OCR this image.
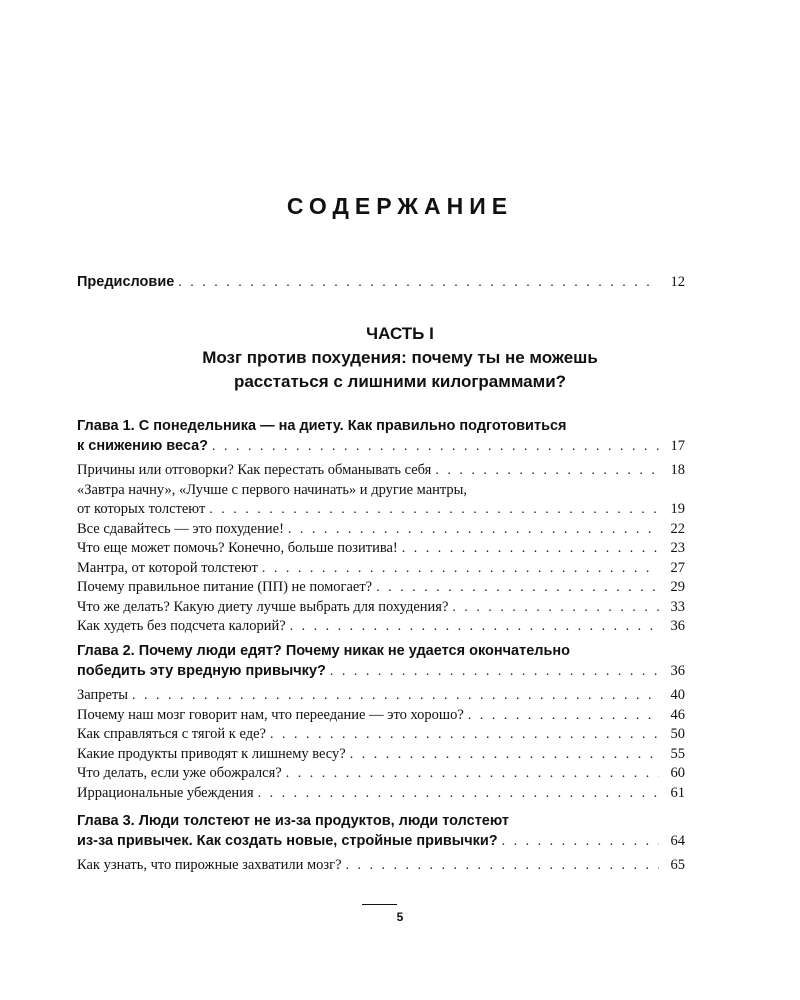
СОДЕРЖАНИЕ
Предисловие . . .	12
ЧАСТЬ I
Мозг против похудения: почему ты не можешь
расстаться с лишними килограммами?
Глава 1. С понедельника — на диету. Как правильно подготовиться
к снижению веса? . . .	17
Причины или отговорки? Как перестать обманывать себя . . .	18
«Завтра начну», «Лучше с первого начинать» и другие мантры,
от которых толстеют . . .	19
Все сдавайтесь — это похудение! . . .	22
Что еще может помочь? Конечно, больше позитива! . . .	23
Мантра, от которой толстеют . . .	27
Почему правильное питание (ПП) не помогает? . . .	29
Что же делать? Какую диету лучше выбрать для похудения? . . .	33
Как худеть без подсчета калорий? . . .	36
Глава 2. Почему люди едят? Почему никак не удается окончательно
победить эту вредную привычку? . . .	36
Запреты . . .	40
Почему наш мозг говорит нам, что переедание — это хорошо? . . .	46
Как справляться с тягой к еде? . . .	50
Какие продукты приводят к лишнему весу? . . .	55
Что делать, если уже обожрался? . . .	60
Иррациональные убеждения . . .	61
Глава 3. Люди толстеют не из-за продуктов, люди толстеют
из-за привычек. Как создать новые, стройные привычки? . . .	64
Как узнать, что пирожные захватили мозг? . . .	65
5
